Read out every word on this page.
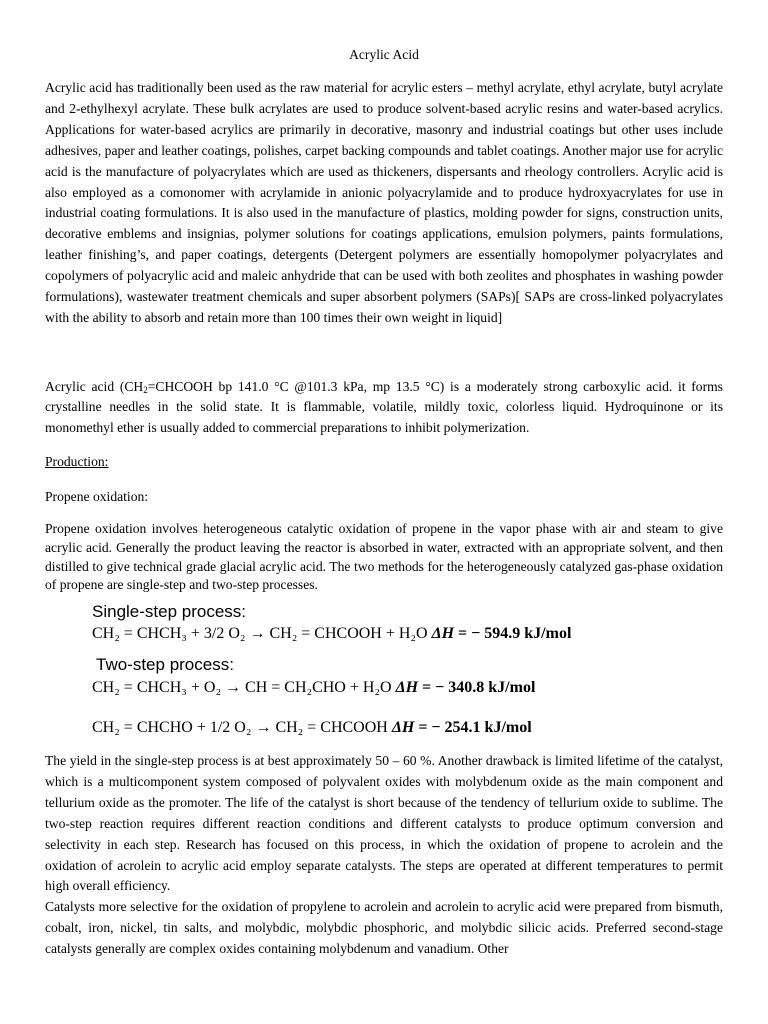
Acrylic Acid
Acrylic acid has traditionally been used as the raw material for acrylic esters – methyl acrylate, ethyl acrylate, butyl acrylate and 2-ethylhexyl acrylate. These bulk acrylates are used to produce solvent-based acrylic resins and water-based acrylics. Applications for water-based acrylics are primarily in decorative, masonry and industrial coatings but other uses include adhesives, paper and leather coatings, polishes, carpet backing compounds and tablet coatings. Another major use for acrylic acid is the manufacture of polyacrylates which are used as thickeners, dispersants and rheology controllers. Acrylic acid is also employed as a comonomer with acrylamide in anionic polyacrylamide and to produce hydroxyacrylates for use in industrial coating formulations. It is also used in the manufacture of plastics, molding powder for signs, construction units, decorative emblems and insignias, polymer solutions for coatings applications, emulsion polymers, paints formulations, leather finishing’s, and paper coatings, detergents (Detergent polymers are essentially homopolymer polyacrylates and copolymers of polyacrylic acid and maleic anhydride that can be used with both zeolites and phosphates in washing powder formulations), wastewater treatment chemicals and super absorbent polymers (SAPs)[ SAPs are cross-linked polyacrylates with the ability to absorb and retain more than 100 times their own weight in liquid]
Acrylic acid ($CH_2=CHCOOH$ bp 141.0 °C @101.3 kPa, mp 13.5 °C) is a moderately strong carboxylic acid. it forms crystalline needles in the solid state. It is flammable, volatile, mildly toxic, colorless liquid. Hydroquinone or its monomethyl ether is usually added to commercial preparations to inhibit polymerization.
Production:
Propene oxidation:
Propene oxidation involves heterogeneous catalytic oxidation of propene in the vapor phase with air and steam to give acrylic acid. Generally the product leaving the reactor is absorbed in water, extracted with an appropriate solvent, and then distilled to give technical grade glacial acrylic acid. The two methods for the heterogeneously catalyzed gas-phase oxidation of propene are single-step and two-step processes.
Single-step process:
CH₂ = CHCH₃ + 3/2 O₂ → CH₂ = CHCOOH + H₂O ΔH = − 594.9 kJ/mol
Two-step process:
CH₂ = CHCH₃ + O₂ → CH = CH₂CHO + H₂O ΔH = − 340.8 kJ/mol
CH₂ = CHCHO + 1/2 O₂ → CH₂ = CHCOOH ΔH = − 254.1 kJ/mol
The yield in the single-step process is at best approximately 50 – 60 %. Another drawback is limited lifetime of the catalyst, which is a multicomponent system composed of polyvalent oxides with molybdenum oxide as the main component and tellurium oxide as the promoter. The life of the catalyst is short because of the tendency of tellurium oxide to sublime. The two-step reaction requires different reaction conditions and different catalysts to produce optimum conversion and selectivity in each step. Research has focused on this process, in which the oxidation of propene to acrolein and the oxidation of acrolein to acrylic acid employ separate catalysts. The steps are operated at different temperatures to permit high overall efficiency.
Catalysts more selective for the oxidation of propylene to acrolein and acrolein to acrylic acid were prepared from bismuth, cobalt, iron, nickel, tin salts, and molybdic, molybdic phosphoric, and molybdic silicic acids. Preferred second-stage catalysts generally are complex oxides containing molybdenum and vanadium. Other
